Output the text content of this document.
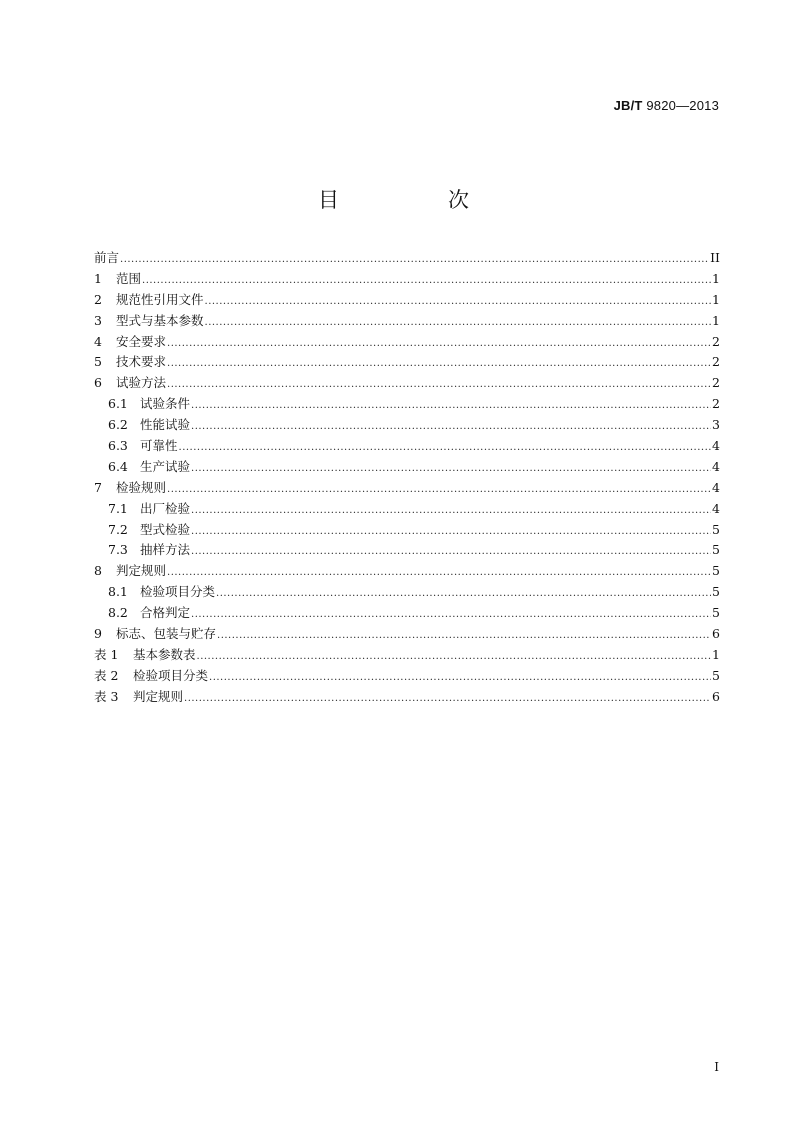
JB/T 9820—2013
目　次
前言 .....	II
1	范围 .....	1
2	规范性引用文件 .....	1
3	型式与基本参数 .....	1
4	安全要求 .....	2
5	技术要求 .....	2
6	试验方法 .....	2
6.1 试验条件 .....	2
6.2 性能试验 .....	3
6.3 可靠性 .....	4
6.4 生产试验 .....	4
7	检验规则 .....	4
7.1 出厂检验 .....	4
7.2 型式检验 .....	5
7.3 抽样方法 .....	5
8	判定规则 .....	5
8.1 检验项目分类 .....	5
8.2 合格判定 .....	5
9	标志、包装与贮存 .....	6
表 1	基本参数表 .....	1
表 2	检验项目分类 .....	5
表 3	判定规则 .....	6
I
